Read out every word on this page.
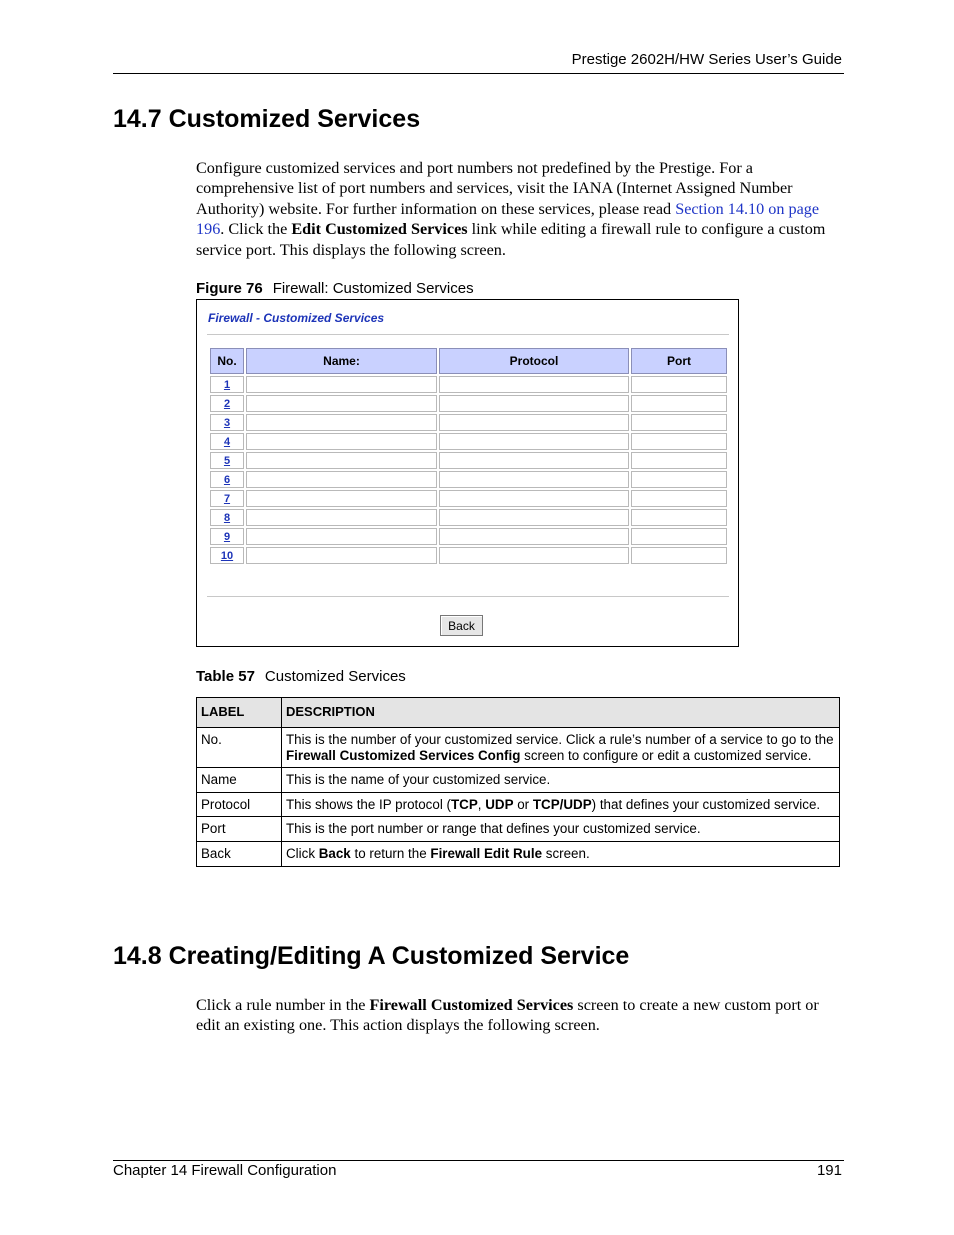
Prestige 2602H/HW Series User’s Guide
14.7 Customized Services
Configure customized services and port numbers not predefined by the Prestige. For a comprehensive list of port numbers and services, visit the IANA (Internet Assigned Number Authority) website. For further information on these services, please read Section 14.10 on page 196. Click the Edit Customized Services link while editing a firewall rule to configure a custom service port. This displays the following screen.
Figure 76 Firewall: Customized Services
Firewall - Customized Services
No.	Name:	Protocol	Port
1			
2			
3			
4			
5			
6			
7			
8			
9			
10			
Back
Table 57 Customized Services
LABEL	DESCRIPTION
No.	This is the number of your customized service. Click a rule’s number of a service to go to the Firewall Customized Services Config screen to configure or edit a customized service.
Name	This is the name of your customized service.
Protocol	This shows the IP protocol (TCP, UDP or TCP/UDP) that defines your customized service.
Port	This is the port number or range that defines your customized service.
Back	Click Back to return the Firewall Edit Rule screen.
14.8 Creating/Editing A Customized Service
Click a rule number in the Firewall Customized Services screen to create a new custom port or edit an existing one. This action displays the following screen.
Chapter 14 Firewall Configuration	191
